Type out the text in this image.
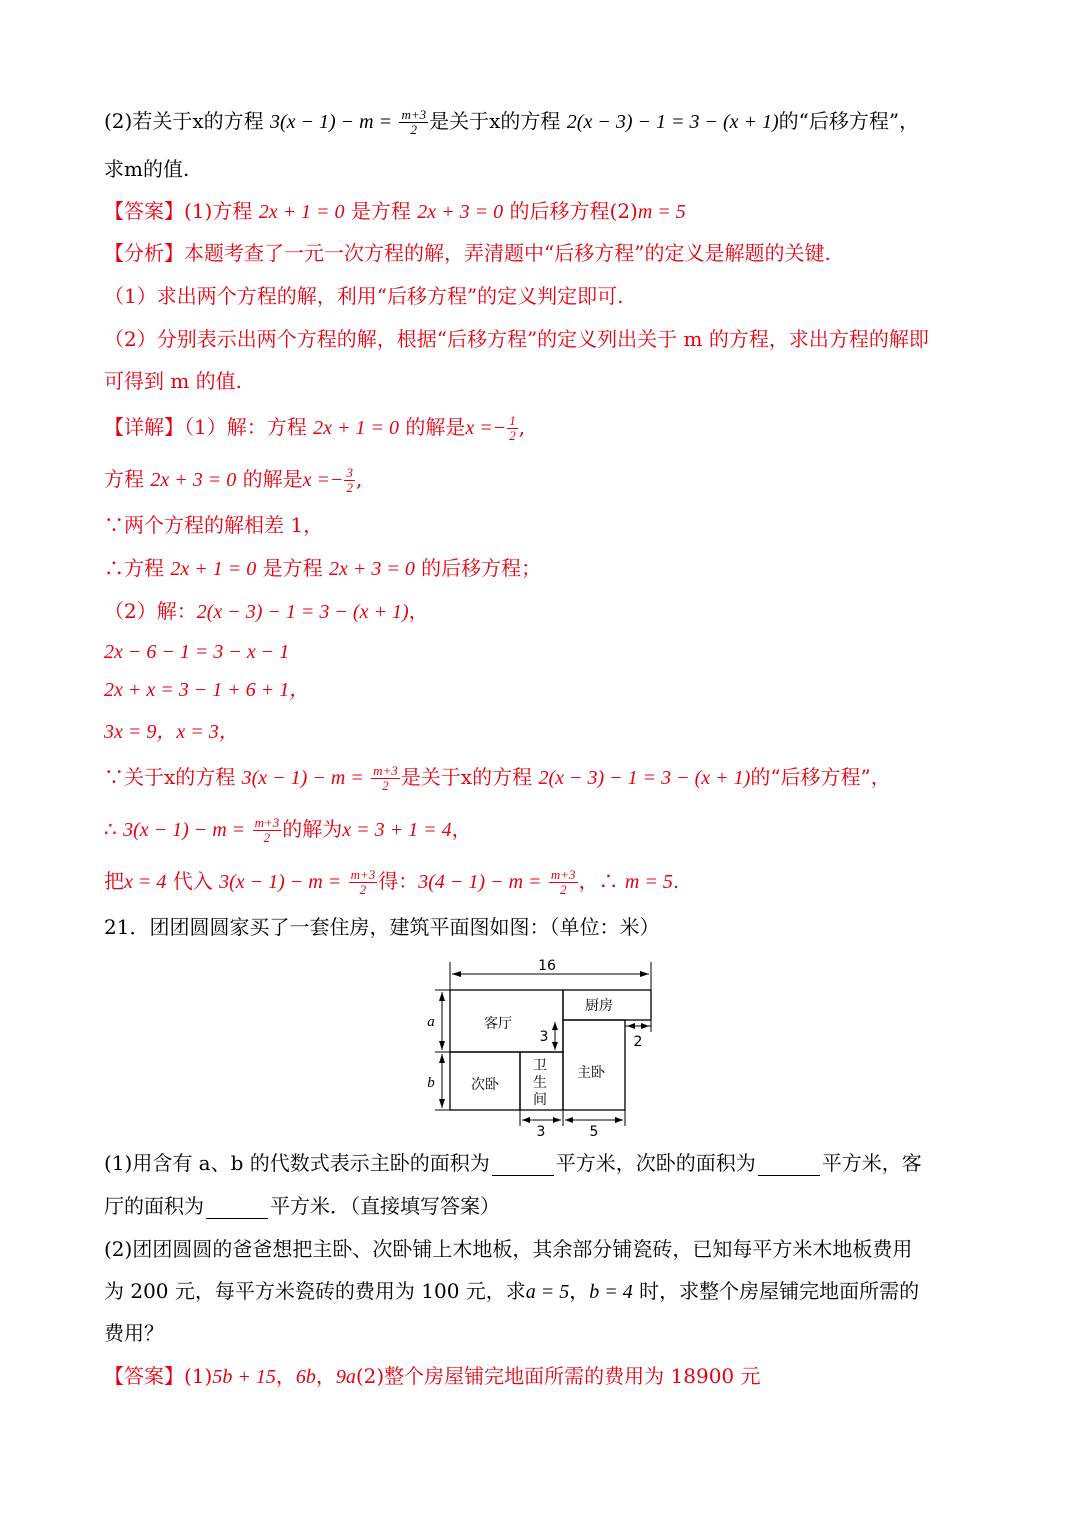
(2)若关于x的方程 $3(x - 1) - m = \frac{m+3}{2}$ 是关于x的方程 2(x − 3) − 1 = 3 − (x + 1)的“后移方程”，
求m的值.
【答案】(1)方程 2x + 1 = 0 是方程 2x + 3 = 0 的后移方程(2)m = 5
【分析】本题考查了一元一次方程的解，弄清题中“后移方程”的定义是解题的关键.
（1）求出两个方程的解，利用“后移方程”的定义判定即可.
（2）分别表示出两个方程的解，根据“后移方程”的定义列出关于 m 的方程，求出方程的解即
可得到 m 的值.
【详解】（1）解：方程 2x + 1 = 0 的解是$x =- \frac{1}{2}$ ,
方程 2x + 3 = 0 的解是$x =- \frac{3}{2}$ ,
∵两个方程的解相差 1，
∴方程 2x + 1 = 0 是方程 2x + 3 = 0 的后移方程；
（2）解：2(x − 3) − 1 = 3 − (x + 1)，
2x − 6 − 1 = 3 − x − 1
2x + x = 3 − 1 + 6 + 1，
3x = 9，x = 3，
∵关于x的方程 $3(x - 1) - m = \frac{m+3}{2}$ 是关于x的方程 2(x − 3) − 1 = 3 − (x + 1)的“后移方程”，
∴ $3(x - 1) - m = \frac{m+3}{2}$ 的解为x = 3 + 1 = 4，
把x = 4 代入 $3(x - 1) - m = \frac{m+3}{2}$ 得：$3(4 - 1) - m = \frac{m+3}{2}$ ，∴ m = 5.
21．团团圆圆家买了一套住房，建筑平面图如图：（单位：米）
16
a
b
3	2
3	5
客厅
厨房
次卧
卫
生
间
主卧
(1)用含有 a、b 的代数式表示主卧的面积为	平方米，次卧的面积为	平方米，客
厅的面积为	平方米．（直接填写答案）
(2)团团圆圆的爸爸想把主卧、次卧铺上木地板，其余部分铺瓷砖，已知每平方米木地板费用
为 200 元，每平方米瓷砖的费用为 100 元，求a = 5，b = 4 时，求整个房屋铺完地面所需的
费用？
【答案】(1)5b + 15，6b，9a(2)整个房屋铺完地面所需的费用为 18900 元
